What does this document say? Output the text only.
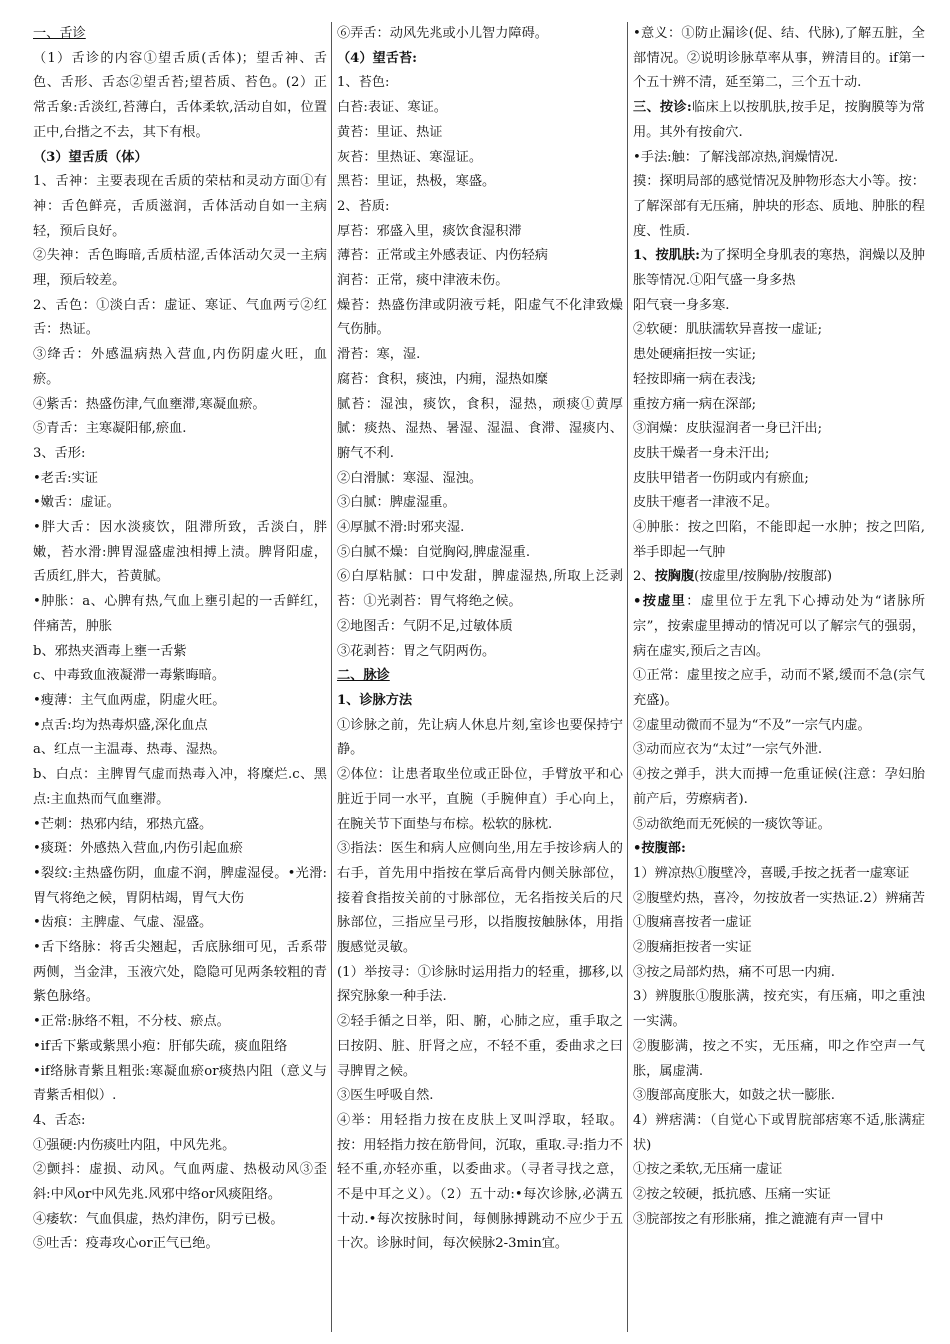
一、舌诊

（1）舌诊的内容①望舌质(舌体)；望舌神、舌色、舌形、舌态②望舌苔;望苔质、苔色。(2）正常舌象:舌淡红,苔薄白，舌体柔软,活动自如，位置正中,台揩之不去，其下有根。

（3）望舌质（体）

1、舌神：主要表现在舌质的荣枯和灵动方面①有神：舌色鲜亮，舌质滋润，舌体活动自如一主病轻，预后良好。

②失神：舌色晦暗,舌质枯涩,舌体活动欠灵一主病理，预后较差。

2、舌色：①淡白舌：虚证、寒证、气血两亏②红舌：热证。

③绛舌：外感温病热入营血,内伤阴虚火旺，血瘀。

④紫舌：热盛伤津,气血壅滞,寒凝血瘀。

⑤青舌：主寒凝阳郁,瘀血.

3、舌形:

•老舌:实证

•嫩舌：虚证。

•胖大舌：因水淡痰饮，阻滞所致，舌淡白，胖嫩，苔水滑:脾胃湿盛虚浊相搏上渍。脾肾阳虚，舌质红,胖大，苔黄腻。

•肿胀：a、心脾有热,气血上壅引起的一舌鲜红，伴痛苦，肿胀

b、邪热夹酒毒上壅一舌紫

c、中毒致血液凝滞一毒紫晦暗。

•瘦薄：主气血两虚，阴虚火旺。

•点舌:均为热毒炽盛,深化血点

a、红点一主温毒、热毒、湿热。

b、白点：主脾胃气虚而热毒入冲，将糜烂.c、黑点:主血热而气血壅滞。

•芒刺：热邪内结，邪热亢盛。

•痰斑：外感热入营血,内伤引起血瘀

•裂纹:主热盛伤阴，血虚不润，脾虚湿侵。•光滑:胃气将绝之候，胃阴枯竭，胃气大伤

•齿痕：主脾虚、气虚、湿盛。

•舌下络脉：将舌尖翘起，舌底脉细可见，舌系带两侧，当金津，玉液穴处，隐隐可见两条较粗的青紫色脉络。

•正常:脉络不粗，不分枝、瘀点。

•if舌下紫或紫黑小疱：肝郁失疏，痰血阻络

•if络脉青紫且粗张:寒凝血瘀or痰热内阻（意义与青紫舌相似）.

4、舌态:

①强硬:内伤痰吐内阻，中风先兆。

②颤抖：虚损、动风。气血两虚、热极动风③歪斜:中风or中风先兆.风邪中络or风痰阻络。

④痿软：气血俱虚，热灼津伤，阴亏已极。

⑤吐舌：疫毒攻心or正气已绝。

⑥弄舌：动风先兆或小儿智力障碍。

（4）望舌苔:

1、苔色:

白苔:表证、寒证。

黄苔：里证、热证

灰苔：里热证、寒湿证。

黑苔：里证，热极，寒盛。

2、苔质:

厚苔：邪盛入里，痰饮食湿积滞

薄苔：正常或主外感表证、内伤轻病

润苔：正常，痰中津液未伤。

燥苔：热盛伤津或阴液亏耗，阳虚气不化津致燥气伤肺。

滑苔：寒，湿.

腐苔：食积，痰浊，内痈，湿热如糜

腻苔：湿浊，痰饮，食积，湿热，顽痰①黄厚腻：痰热、湿热、暑湿、湿温、食滞、湿痰内、腑气不利.

②白滑腻：寒湿、湿浊。

③白腻：脾虚湿重。

④厚腻不滑:时邪夹湿.

⑤白腻不燥：自觉胸闷,脾虚湿重.

⑥白厚粘腻：口中发甜，脾虚湿热,所取上泛剥苔：①光剥苔：胃气将绝之候。

②地图舌：气阴不足,过敏体质

③花剥苔：胃之气阴两伤。

二、脉诊

1、诊脉方法

①诊脉之前，先让病人休息片刻,室诊也要保持宁静。

②体位：让患者取坐位或正卧位，手臂放平和心脏近于同一水平，直腕（手腕伸直）手心向上，在腕关节下面垫与布棕。松软的脉枕.

③指法：医生和病人应侧向坐,用左手按诊病人的右手，首先用中指按在掌后高骨内侧关脉部位，接着食指按关前的寸脉部位，无名指按关后的尺脉部位，三指应呈弓形，以指腹按触脉体，用指腹感觉灵敏。

(1）举按寻：①诊脉时运用指力的轻重，挪移,以探究脉象一种手法.

②轻手循之日举，阳、腑，心肺之应，重手取之曰按阴、脏、肝肾之应，不轻不重，委曲求之曰寻脾胃之候。

③医生呼吸自然.

④举：用轻指力按在皮肤上叉叫浮取，轻取。按：用轻指力按在筋骨间，沉取，重取.寻:指力不轻不重,亦轻亦重，以委曲求。（寻者寻找之意，不是中耳之义）。（2）五十动:•每次诊脉,必满五十动.•每次按脉时间，每侧脉搏跳动不应少于五十次。诊脉时间，每次候脉2-3min宜。

•意义：①防止漏诊(促、结、代脉),了解五脏，全部情况。②说明诊脉草率从事，辨清目的。if第一个五十辨不清，延至第二，三个五十动.

三、按诊:临床上以按肌肤,按手足，按胸膜等为常用。其外有按俞穴.

•手法:触：了解浅部凉热,润燥情况.

摸：探明局部的感觉情况及肿物形态大小等。按：了解深部有无压痛，肿块的形态、质地、肿胀的程度、性质.

1、按肌肤:为了探明全身肌表的寒热，润燥以及肿胀等情况.①阳气盛一身多热

阳气衰一身多寒.

②软硬：肌肤濡软异喜按一虚证;

患处硬痛拒按一实证;

轻按即痛一病在表浅;

重按方痛一病在深部;

③润燥：皮肤湿润者一身已汗出;

皮肤干燥者一身未汗出;

皮肤甲错者一伤阴或内有瘀血;

皮肤干瘪者一津液不足。

④肿胀：按之凹陷，不能即起一水肿；按之凹陷,举手即起一气肿

2、按胸腹(按虚里/按胸胁/按腹部)

•按虚里：虚里位于左乳下心搏动处为“诸脉所宗”，按索虚里搏动的情况可以了解宗气的强弱，病在虚实,预后之吉凶。

①正常：虚里按之应手，动而不紧,缓而不急(宗气充盛)。

②虚里动微而不显为“不及”一宗气内虚。

③动而应衣为“太过”一宗气外泄.

④按之弹手，洪大而搏一危重证候(注意：孕妇胎前产后，劳瘵病者).

⑤动欲绝而无死候的一痰饮等证。

•按腹部:

1）辨凉热①腹壁冷，喜暖,手按之抚者一虚寒证

②腹壁灼热，喜冷，勿按放者一实热证.2）辨痛苦①腹痛喜按者一虚证

②腹痛拒按者一实证

③按之局部灼热，痛不可思一内痈.

3）辨腹胀①腹胀满，按充实，有压痛，叩之重浊一实满。

②腹膨满，按之不实，无压痛，叩之作空声一气胀，属虚满.

③腹部高度胀大，如鼓之状一膨胀.

4）辨痞满：（自觉心下或胃脘部痞寒不适,胀满症状)

①按之柔软,无压痛一虚证

②按之较硬，抵抗感、压痛一实证

③脘部按之有形胀痛，推之漉漉有声一冒中
